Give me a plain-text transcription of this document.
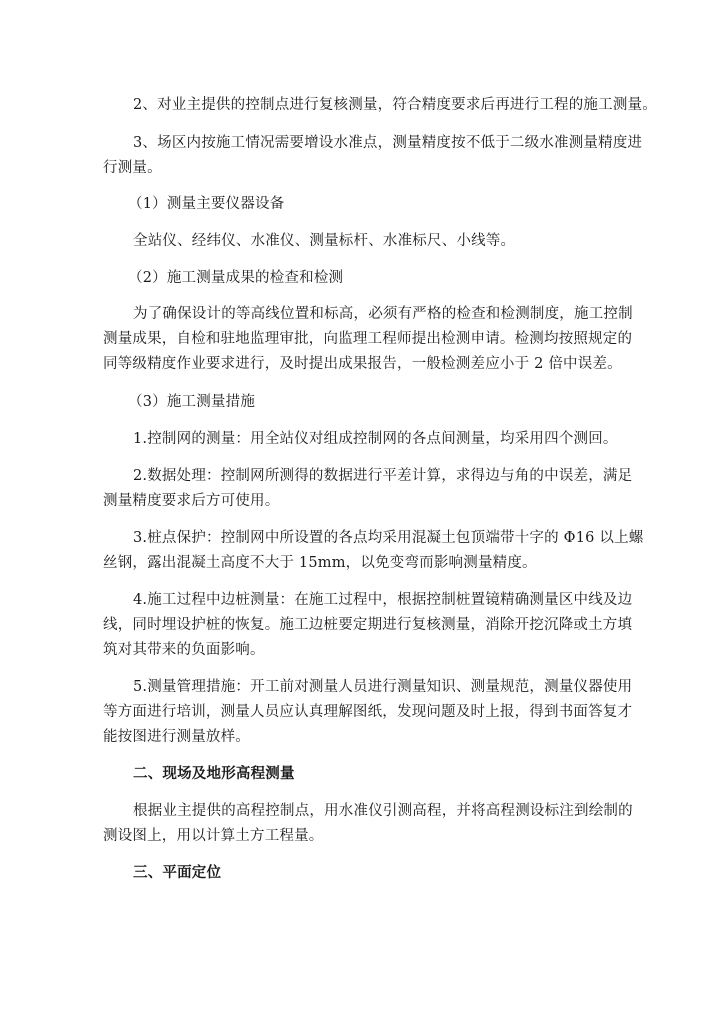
2、对业主提供的控制点进行复核测量，符合精度要求后再进行工程的施工测量。
3、场区内按施工情况需要增设水准点，测量精度按不低于二级水准测量精度进
行测量。
（1）测量主要仪器设备
全站仪、经纬仪、水准仪、测量标杆、水准标尺、小线等。
（2）施工测量成果的检查和检测
为了确保设计的等高线位置和标高，必须有严格的检查和检测制度，施工控制
测量成果，自检和驻地监理审批，向监理工程师提出检测申请。检测均按照规定的
同等级精度作业要求进行，及时提出成果报告，一般检测差应小于 2 倍中误差。
（3）施工测量措施
1.控制网的测量：用全站仪对组成控制网的各点间测量，均采用四个测回。
2.数据处理：控制网所测得的数据进行平差计算，求得边与角的中误差，满足
测量精度要求后方可使用。
3.桩点保护：控制网中所设置的各点均采用混凝土包顶端带十字的 Φ16 以上螺
丝钢，露出混凝土高度不大于 15mm，以免变弯而影响测量精度。
4.施工过程中边桩测量：在施工过程中，根据控制桩置镜精确测量区中线及边
线，同时埋设护桩的恢复。施工边桩要定期进行复核测量，消除开挖沉降或土方填
筑对其带来的负面影响。
5.测量管理措施：开工前对测量人员进行测量知识、测量规范，测量仪器使用
等方面进行培训，测量人员应认真理解图纸，发现问题及时上报，得到书面答复才
能按图进行测量放样。
二、现场及地形高程测量
根据业主提供的高程控制点，用水准仪引测高程，并将高程测设标注到绘制的
测设图上，用以计算土方工程量。
三、平面定位
